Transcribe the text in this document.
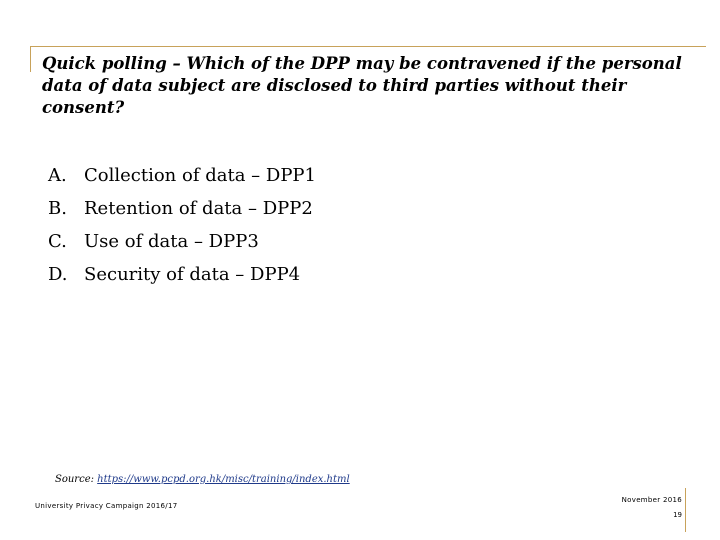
Quick polling – Which of the DPP may be contravened if the personal data of data subject are disclosed to third parties without their consent?
A. Collection of data – DPP1
B. Retention of data – DPP2
C. Use of data – DPP3
D. Security of data – DPP4
Source: https://www.pcpd.org.hk/misc/training/index.html
University Privacy Campaign 2016/17
November 2016
19
